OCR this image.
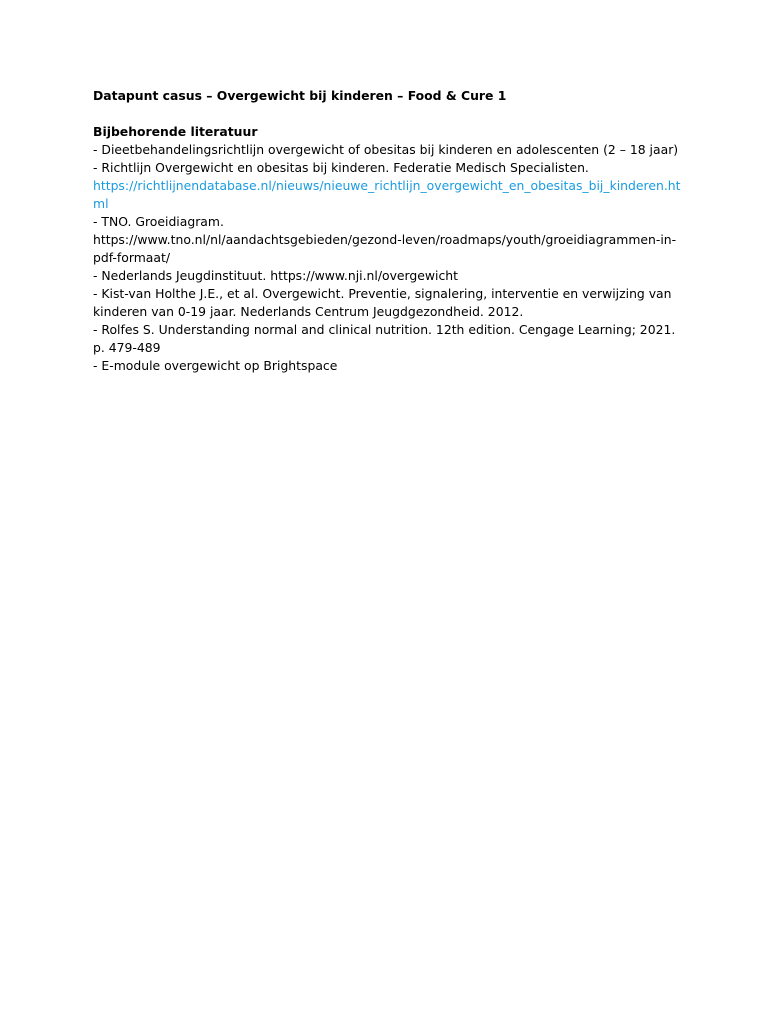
Datapunt casus – Overgewicht bij kinderen – Food & Cure 1

Bijbehorende literatuur

- Dieetbehandelingsrichtlijn overgewicht of obesitas bij kinderen en adolescenten (2 – 18 jaar)

- Richtlijn Overgewicht en obesitas bij kinderen. Federatie Medisch Specialisten.

https://richtlijnendatabase.nl/nieuws/nieuwe_richtlijn_overgewicht_en_obesitas_bij_kinderen.html

- TNO. Groeidiagram.

https://www.tno.nl/nl/aandachtsgebieden/gezond-leven/roadmaps/youth/groeidiagrammen-in-pdf-formaat/

- Nederlands Jeugdinstituut. https://www.nji.nl/overgewicht

- Kist-van Holthe J.E., et al. Overgewicht. Preventie, signalering, interventie en verwijzing van kinderen van 0-19 jaar. Nederlands Centrum Jeugdgezondheid. 2012.

- Rolfes S. Understanding normal and clinical nutrition. 12th edition. Cengage Learning; 2021. p. 479-489

- E-module overgewicht op Brightspace
